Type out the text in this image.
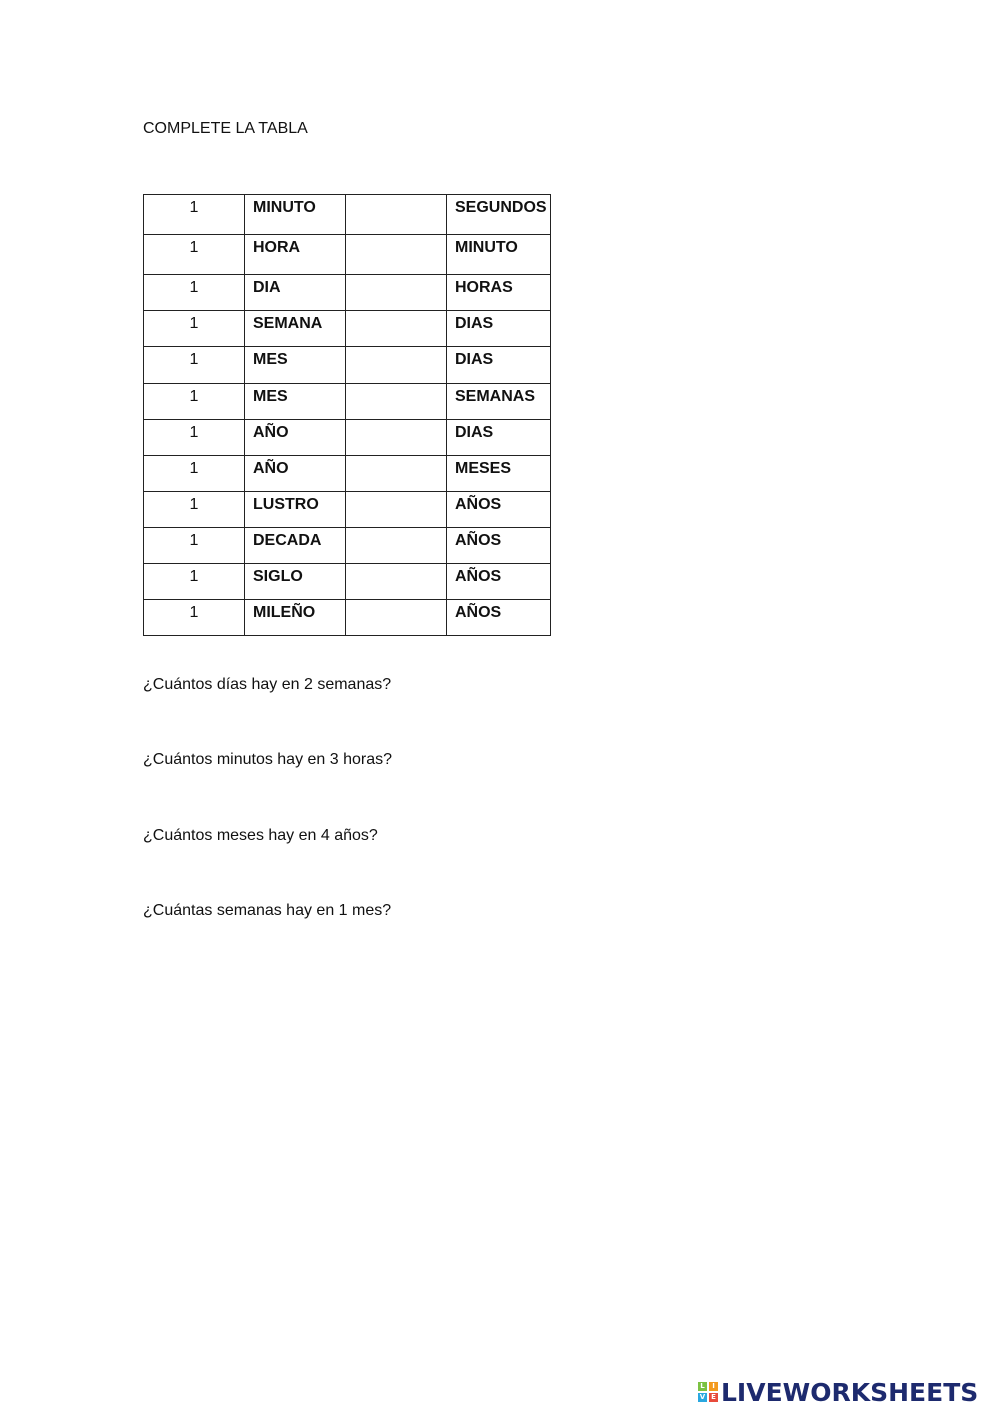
COMPLETE LA TABLA
1	MINUTO		SEGUNDOS
1	HORA		MINUTO
1	DIA		HORAS
1	SEMANA		DIAS
1	MES		DIAS
1	MES		SEMANAS
1	AÑO		DIAS
1	AÑO		MESES
1	LUSTRO		AÑOS
1	DECADA		AÑOS
1	SIGLO		AÑOS
1	MILEÑO		AÑOS
¿Cuántos días hay en 2 semanas?
¿Cuántos minutos hay en 3 horas?
¿Cuántos meses hay en 4 años?
¿Cuántas semanas hay en 1 mes?
L	I
V E LIVEWORKSHEETS
